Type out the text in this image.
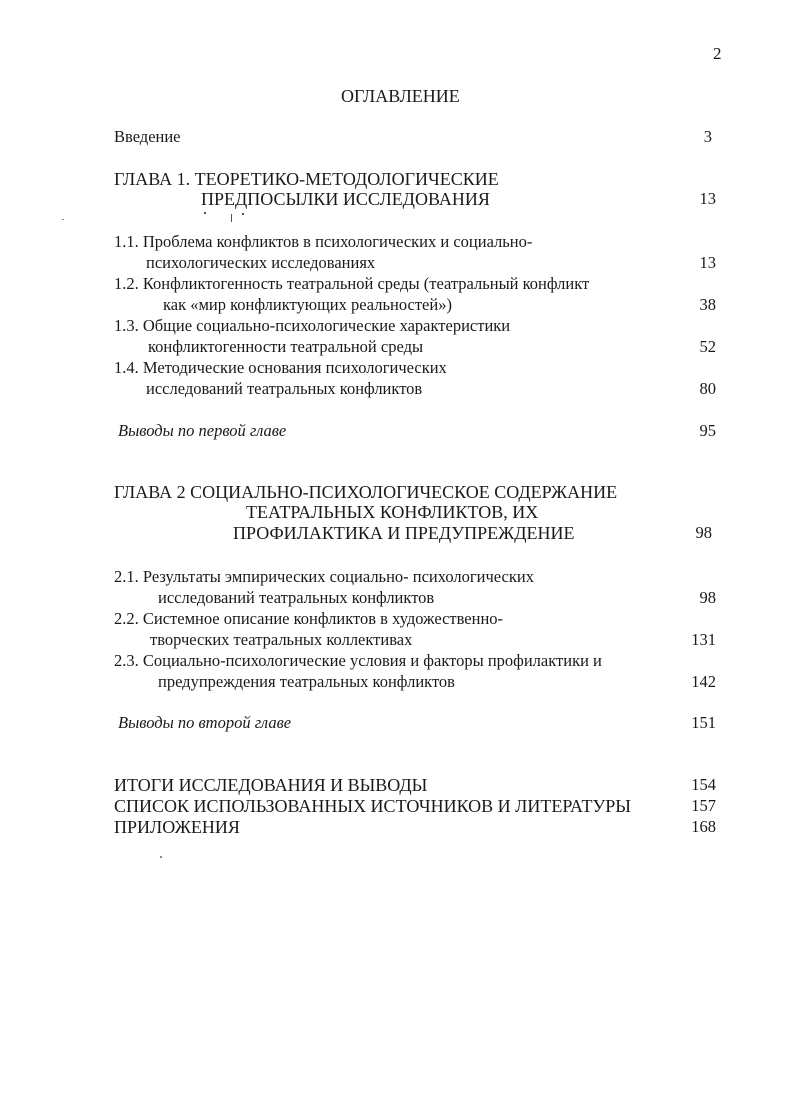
2
ОГЛАВЛЕНИЕ
Введение	3
ГЛАВА 1. ТЕОРЕТИКО-МЕТОДОЛОГИЧЕСКИЕ
ПРЕДПОСЫЛКИ ИССЛЕДОВАНИЯ	13
1.1. Проблема конфликтов в психологических и социально-
психологических исследованиях	13
1.2. Конфликтогенность театральной среды (театральный конфликт
как «мир конфликтующих реальностей»)	38
1.3. Общие социально-психологические характеристики
конфликтогенности театральной среды	52
1.4. Методические основания психологических
исследований театральных конфликтов	80
Выводы по первой главе	95
ГЛАВА 2 СОЦИАЛЬНО-ПСИХОЛОГИЧЕСКОЕ СОДЕРЖАНИЕ
ТЕАТРАЛЬНЫХ КОНФЛИКТОВ, ИХ
ПРОФИЛАКТИКА И ПРЕДУПРЕЖДЕНИЕ	98
2.1. Результаты эмпирических социально- психологических
исследований театральных конфликтов	98
2.2. Системное описание конфликтов в художественно-
творческих театральных коллективах	131
2.3. Социально-психологические условия и факторы профилактики и
предупреждения театральных конфликтов	142
Выводы по второй главе	151
ИТОГИ ИССЛЕДОВАНИЯ И ВЫВОДЫ	154
СПИСОК ИСПОЛЬЗОВАННЫХ ИСТОЧНИКОВ И ЛИТЕРАТУРЫ	157
ПРИЛОЖЕНИЯ	168
